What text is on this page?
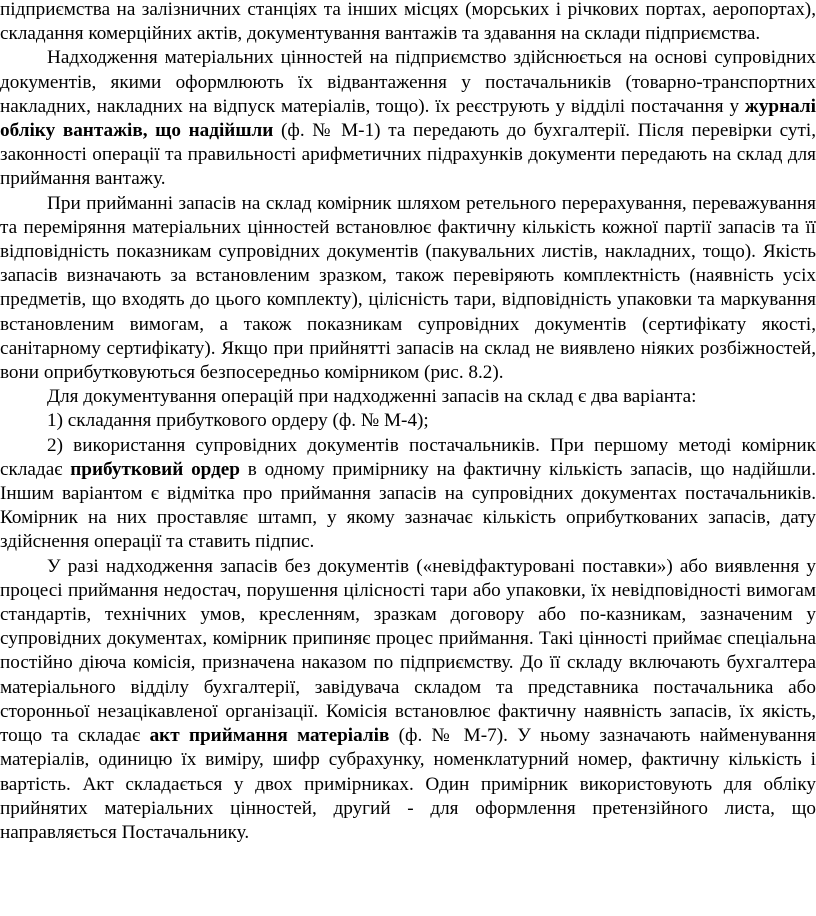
підприємства на залізничних станціях та інших місцях (морських і річкових портах, аеропортах), складання комерційних актів, документування вантажів та здавання на склади підприємства.

Надходження матеріальних цінностей на підприємство здійснюється на основі супровідних документів, якими оформлюють їх відвантаження у постачальників (товарно-транспортних накладних, накладних на відпуск матеріалів, тощо). їх реєструють у відділі постачання у журналі обліку вантажів, що надійшли (ф. № М-1) та передають до бухгалтерії. Після перевірки суті, законності операції та правильності арифметичних підрахунків документи передають на склад для приймання вантажу.

При прийманні запасів на склад комірник шляхом ретельного перерахування, переважування та переміряння матеріальних цінностей встановлює фактичну кількість кожної партії запасів та її відповідність показникам супровідних документів (пакувальних листів, накладних, тощо). Якість запасів визначають за встановленим зразком, також перевіряють комплектність (наявність усіх предметів, що входять до цього комплекту), цілісність тари, відповідність упаковки та маркування встановленим вимогам, а також показникам супровідних документів (сертифікату якості, санітарному сертифікату). Якщо при прийнятті запасів на склад не виявлено ніяких розбіжностей, вони оприбутковуються безпосередньо комірником (рис. 8.2).

Для документування операцій при надходженні запасів на склад є два варіанта:

1) складання прибуткового ордеру (ф. № М-4);

2) використання супровідних документів постачальників. При першому методі комірник складає прибутковий ордер в одному примірнику на фактичну кількість запасів, що надійшли. Іншим варіантом є відмітка про приймання запасів на супровідних документах постачальників. Комірник на них проставляє штамп, у якому зазначає кількість оприбуткованих запасів, дату здійснення операції та ставить підпис.

У разі надходження запасів без документів («невідфактуровані поставки») або виявлення у процесі приймання недостач, порушення цілісності тари або упаковки, їх невідповідності вимогам стандартів, технічних умов, кресленням, зразкам договору або по-казникам, зазначеним у супровідних документах, комірник припиняє процес приймання. Такі цінності приймає спеціальна постійно діюча комісія, призначена наказом по підприємству. До її складу включають бухгалтера матеріального відділу бухгалтерії, завідувача складом та представника постачальника або сторонньої незацікавленої організації. Комісія встановлює фактичну наявність запасів, їх якість, тощо та складає акт приймання матеріалів (ф. № М-7). У ньому зазначають найменування матеріалів, одиницю їх виміру, шифр субрахунку, номенклатурний номер, фактичну кількість і вартість. Акт складається у двох примірниках. Один примірник використовують для обліку прийнятих матеріальних цінностей, другий - для оформлення претензійного листа, що направляється Постачальнику.
